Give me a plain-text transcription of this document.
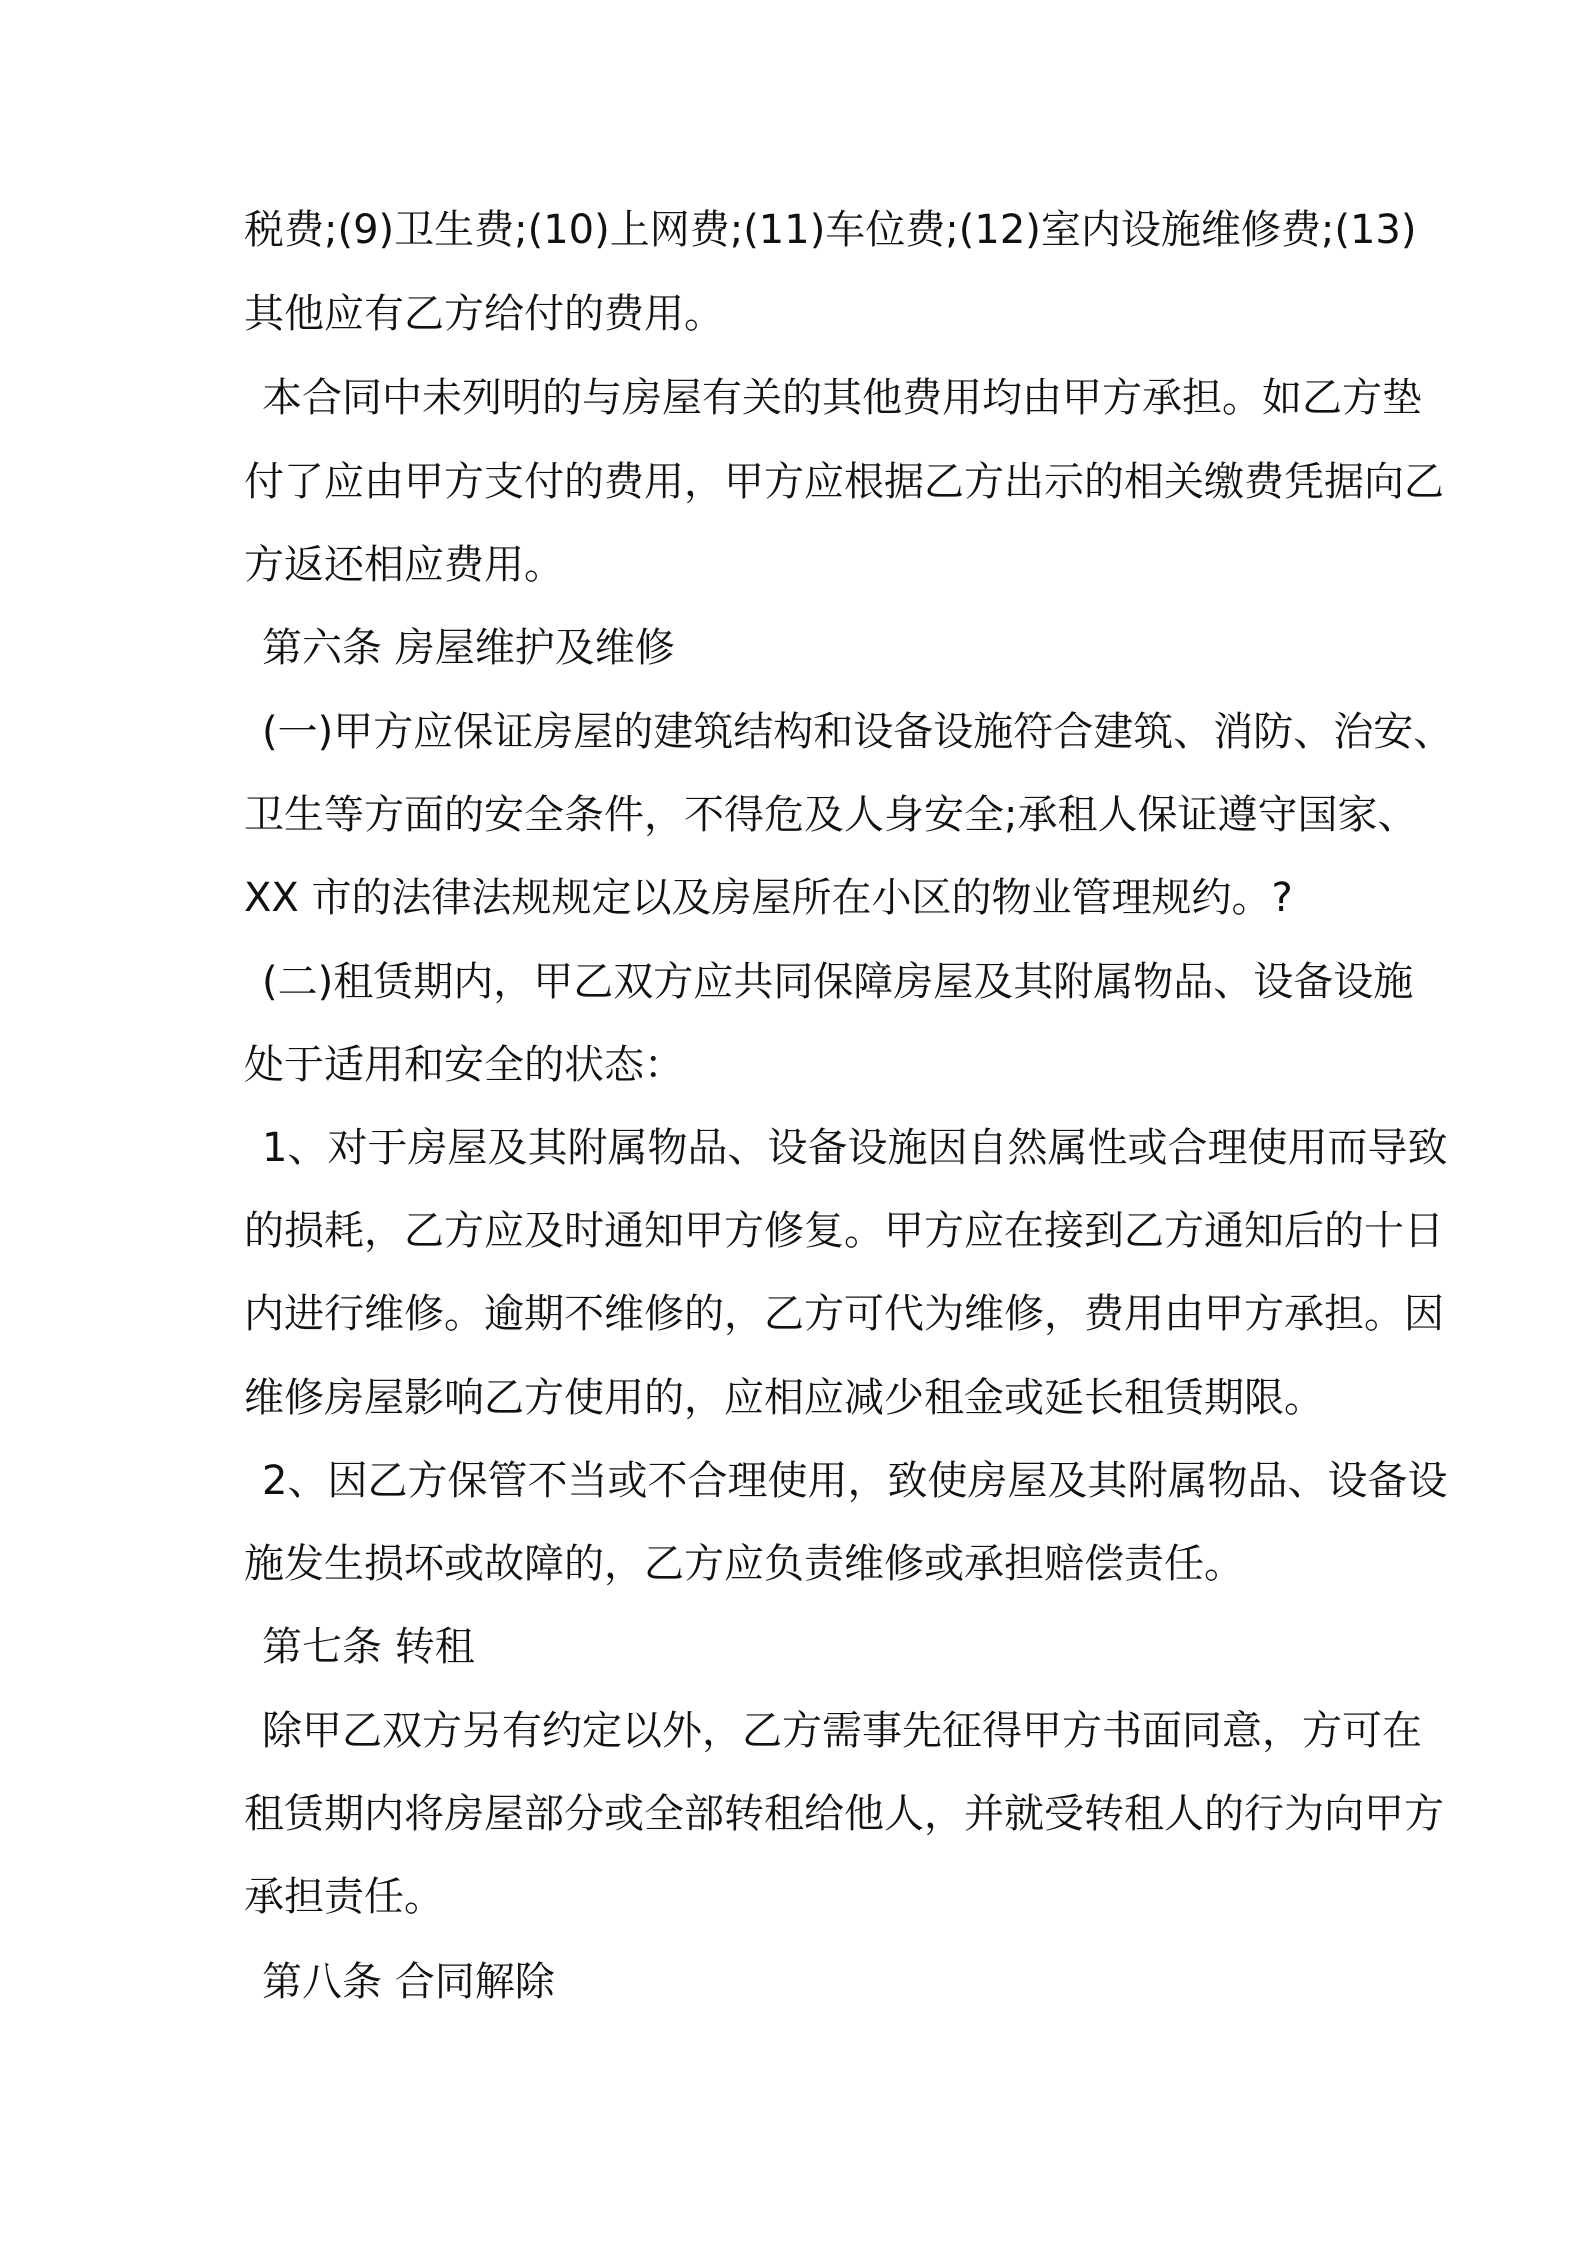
税费;(9)卫生费;(10)上网费;(11)车位费;(12)室内设施维修费;(13)
其他应有乙方给付的费用。
本合同中未列明的与房屋有关的其他费用均由甲方承担。如乙方垫
付了应由甲方支付的费用，甲方应根据乙方出示的相关缴费凭据向乙
方返还相应费用。
第六条 房屋维护及维修
(一)甲方应保证房屋的建筑结构和设备设施符合建筑、消防、治安、
卫生等方面的安全条件，不得危及人身安全;承租人保证遵守国家、
XX 市的法律法规规定以及房屋所在小区的物业管理规约。?
(二)租赁期内，甲乙双方应共同保障房屋及其附属物品、设备设施
处于适用和安全的状态：
1、对于房屋及其附属物品、设备设施因自然属性或合理使用而导致
的损耗，乙方应及时通知甲方修复。甲方应在接到乙方通知后的十日
内进行维修。逾期不维修的，乙方可代为维修，费用由甲方承担。因
维修房屋影响乙方使用的，应相应减少租金或延长租赁期限。
2、因乙方保管不当或不合理使用，致使房屋及其附属物品、设备设
施发生损坏或故障的，乙方应负责维修或承担赔偿责任。
第七条 转租
除甲乙双方另有约定以外，乙方需事先征得甲方书面同意，方可在
租赁期内将房屋部分或全部转租给他人，并就受转租人的行为向甲方
承担责任。
第八条 合同解除
